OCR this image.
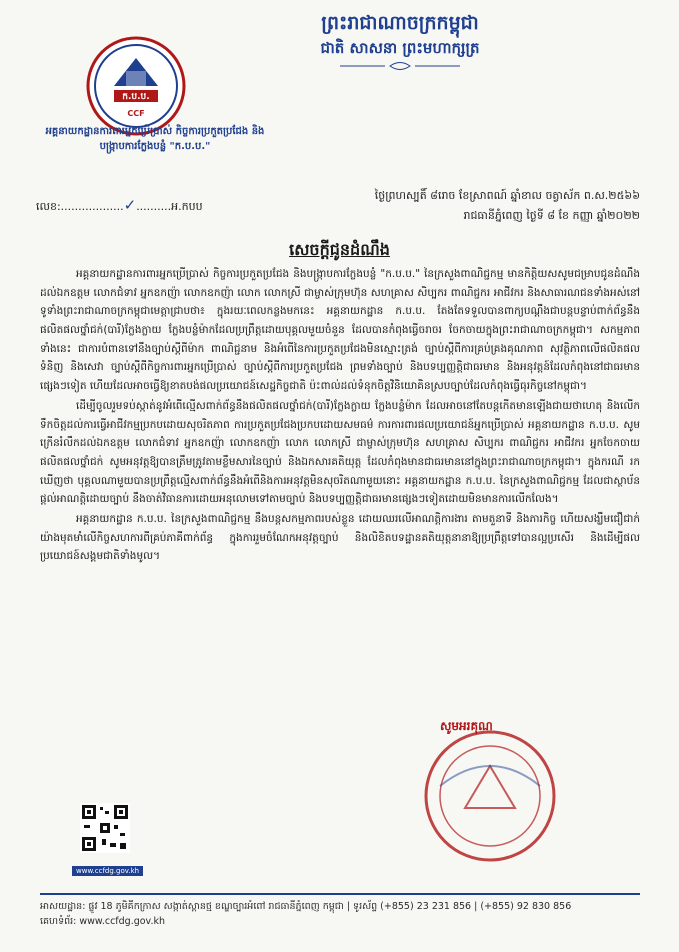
ព្រះរាជាណាចក្រកម្ពុជា
ជាតិ សាសនា ព្រះមហាក្សត្រ
ក.ប.ប.
CCF
អគ្គនាយកដ្ឋានការពារអ្នកប្រើប្រាស់ កិច្ចការប្រកួតប្រជែង និងបង្ក្រាបការក្លែងបន្លំ "ក.ប.ប."
លេខ:..................✓..........អ.កបប
ថ្ងៃព្រហស្បតិ៍ ៨រោច ខែស្រាពណ៍ ឆ្នាំខាល ចត្វាស័ក ព.ស.២៥៦៦
រាជធានីភ្នំពេញ ថ្ងៃទី ៨ ខែ កញ្ញា ឆ្នាំ២០២២
សេចក្តីជូនដំណឹង

អគ្គនាយកដ្ឋានការពារអ្នកប្រើប្រាស់ កិច្ចការប្រកួតប្រជែង និងបង្ក្រាបការក្លែងបន្លំ "ក.ប.ប." នៃក្រសួងពាណិជ្ជកម្ម មានកិត្តិយសសូមជម្រាបជូនដំណឹងដល់ឯកឧត្តម លោកជំទាវ អ្នកឧកញ៉ា លោកឧកញ៉ា លោក លោកស្រី ជាម្ចាស់ក្រុមហ៊ុន សហគ្រាស សិប្បករ ពាណិជ្ជករ អាជីវករ និងសាធារណជនទាំងអស់នៅទូទាំងព្រះរាជាណាចក្រកម្ពុជាមេត្តាជ្រាបថា៖ ក្នុងរយៈពេលកន្លងមកនេះ អគ្គនាយកដ្ឋាន ក.ប.ប. តែងតែទទួលបានពាក្យបណ្ដឹងជាបន្តបន្ទាប់ពាក់ព័ន្ធនឹងផលិតផលថ្នាំជក់(បារី)ក្លែងក្លាយ ក្លែងបន្លំម៉ាកដែលប្រព្រឹត្តដោយបុគ្គលមួយចំនួន ដែលបានកំពុងធ្វើចរាចរ ចែកចាយក្នុងព្រះរាជាណាចក្រកម្ពុជា។ សកម្មភាពទាំងនេះ ជាការបំពានទៅនឹងច្បាប់ស្តីពីម៉ាក ពាណិជ្ជនាម និងអំពើនៃការប្រកួតប្រជែងមិនស្មោះត្រង់ ច្បាប់ស្តីពីការគ្រប់គ្រងគុណភាព សុវត្ថិភាពលើផលិតផល ទំនិញ និងសេវា ច្បាប់ស្តីពីកិច្ចការពារអ្នកប្រើប្រាស់ ច្បាប់ស្តីពីការប្រកួតប្រជែង ព្រមទាំងច្បាប់ និងបទប្បញ្ញត្តិជាធរមាន និងអនុវត្តន៍ដែលកំពុងនៅជាធរមានផ្សេងៗទៀត ហើយដែលអាចធ្វើឱ្យខាតបង់ផលប្រយោជន៍សេដ្ឋកិច្ចជាតិ ប៉ះពាល់ដល់ទំនុកចិត្តវិនិយោគិនស្របច្បាប់ដែលកំពុងធ្វើធុរកិច្ចនៅកម្ពុជា។

ដើម្បីចូលរួមទប់ស្កាត់នូវអំពើល្មើសពាក់ព័ន្ធនឹងផលិតផលថ្នាំជក់(បារី)ក្លែងក្លាយ ក្លែងបន្លំម៉ាក ដែលអាចនៅតែបន្តកើតមានឡើងជាយថាហេតុ និងលើកទឹកចិត្តដល់ការធ្វើអាជីវកម្មប្រកបដោយសុចរិតភាព ការប្រកួតប្រជែងប្រកបដោយសមធម៌ ការការពារផលប្រយោជន៍អ្នកប្រើប្រាស់ អគ្គនាយកដ្ឋាន ក.ប.ប. សូមក្រើនរំលឹកដល់ឯកឧត្តម លោកជំទាវ អ្នកឧកញ៉ា លោកឧកញ៉ា លោក លោកស្រី ជាម្ចាស់ក្រុមហ៊ុន សហគ្រាស សិប្បករ ពាណិជ្ជករ អាជីវករ អ្នកចែកចាយ ផលិតផលថ្នាំជក់ សូមអនុវត្តឱ្យបានត្រឹមត្រូវតាមខ្លឹមសារនៃច្បាប់ និងឯកសារគតិយុត្ត ដែលកំពុងមានជាធរមាននៅក្នុងព្រះរាជាណាចក្រកម្ពុជា។ ក្នុងករណី រកឃើញថា បុគ្គលណាមួយបានប្រព្រឹត្តល្មើសពាក់ព័ន្ធនឹងអំពើនិងការអនុវត្តមិនសុចរិតណាមួយនោះ អគ្គនាយកដ្ឋាន ក.ប.ប. នៃក្រសួងពាណិជ្ជកម្ម ដែលជាស្ថាប័នផ្តល់អាណត្តិដោយច្បាប់ នឹងចាត់វិធានការដោយអនុលោមទៅតាមច្បាប់ និងបទប្បញ្ញត្តិជាធរមានផ្សេងៗទៀតដោយមិនមានការលើកលែង។

អគ្គនាយកដ្ឋាន ក.ប.ប. នៃក្រសួងពាណិជ្ជកម្ម នឹងបន្តសកម្មភាពរបស់ខ្លួន ដោយឈរលើអាណត្តិការងារ តាមតួនាទី និងភារកិច្ច ហើយសង្ឃឹមជឿជាក់យ៉ាងមុតមាំលើកិច្ចសហការពីគ្រប់ភាគីពាក់ព័ន្ធ ក្នុងការរួមចំណែកអនុវត្តច្បាប់ និងលិខិតបទដ្ឋានគតិយុត្តនានាឱ្យប្រព្រឹត្តទៅបានល្អប្រសើរ និងដើម្បីផលប្រយោជន៍សង្គមជាតិទាំងមូល។

សូមអរគុណ
www.ccfdg.gov.kh
អាសយដ្ឋាន: ផ្លូវ 18 ភូមិគីកក្រាស សង្កាត់ស្ពានថ្ម ខណ្ឌច្បារអំពៅ រាជធានីភ្នំពេញ កម្ពុជា | ទូរស័ព្ទ (+855) 23 231 856 | (+855) 92 830 856
គេហទំព័រ: www.ccfdg.gov.kh
